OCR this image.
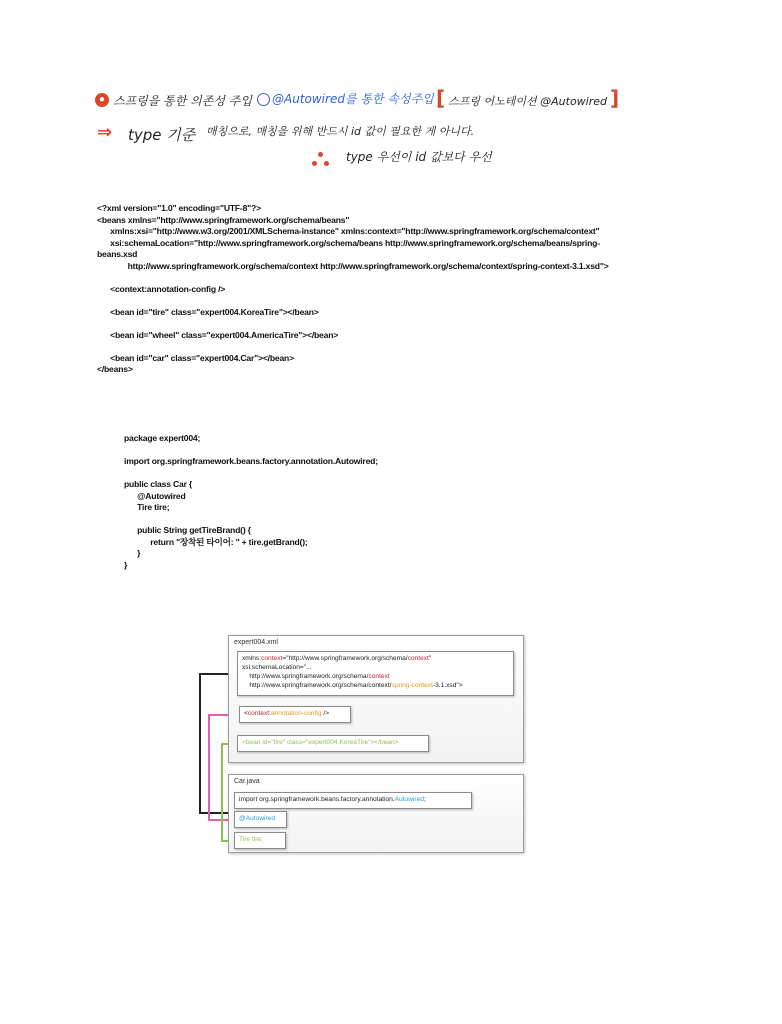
● 스프링을 통한 의존성 주입 @Autowired를 통한 속성주입 [ 스프링 어노테이션 @Autowired ]
⇒ type 기준 매칭으로, 매칭을 위해 반드시 id 값이 필요한 게 아니다.
type 우선이 id 값보다 우선
<?xml version="1.0" encoding="UTF-8"?>
<beans xmlns="http://www.springframework.org/schema/beans"
xmlns:xsi="http://www.w3.org/2001/XMLSchema-instance" xmlns:context="http://www.springframework.org/schema/context"
xsi:schemaLocation="http://www.springframework.org/schema/beans http://www.springframework.org/schema/beans/spring-
beans.xsd
http://www.springframework.org/schema/context http://www.springframework.org/schema/context/spring-context-3.1.xsd">

<context:annotation-config />

<bean id="tire" class="expert004.KoreaTire"></bean>

<bean id="wheel" class="expert004.AmericaTire"></bean>

<bean id="car" class="expert004.Car"></bean>
</beans>
package expert004;

import org.springframework.beans.factory.annotation.Autowired;

public class Car {
@Autowired
Tire tire;

public String getTireBrand() {
return "장착된 타이어: " + tire.getBrand();
}
}
expert004.xml
xmlns:context="http://www.springframework.org/schema/context"
xsi:schemaLocation="...
http://www.springframework.org/schema/context
http://www.springframework.org/schema/context/spring-context-3.1.xsd">
<context:annotation-config />
<bean id="tire" class="expert004.KoreaTire"></bean>
Car.java
import org.springframework.beans.factory.annotation.Autowired;
@Autowired
Tire tire;
